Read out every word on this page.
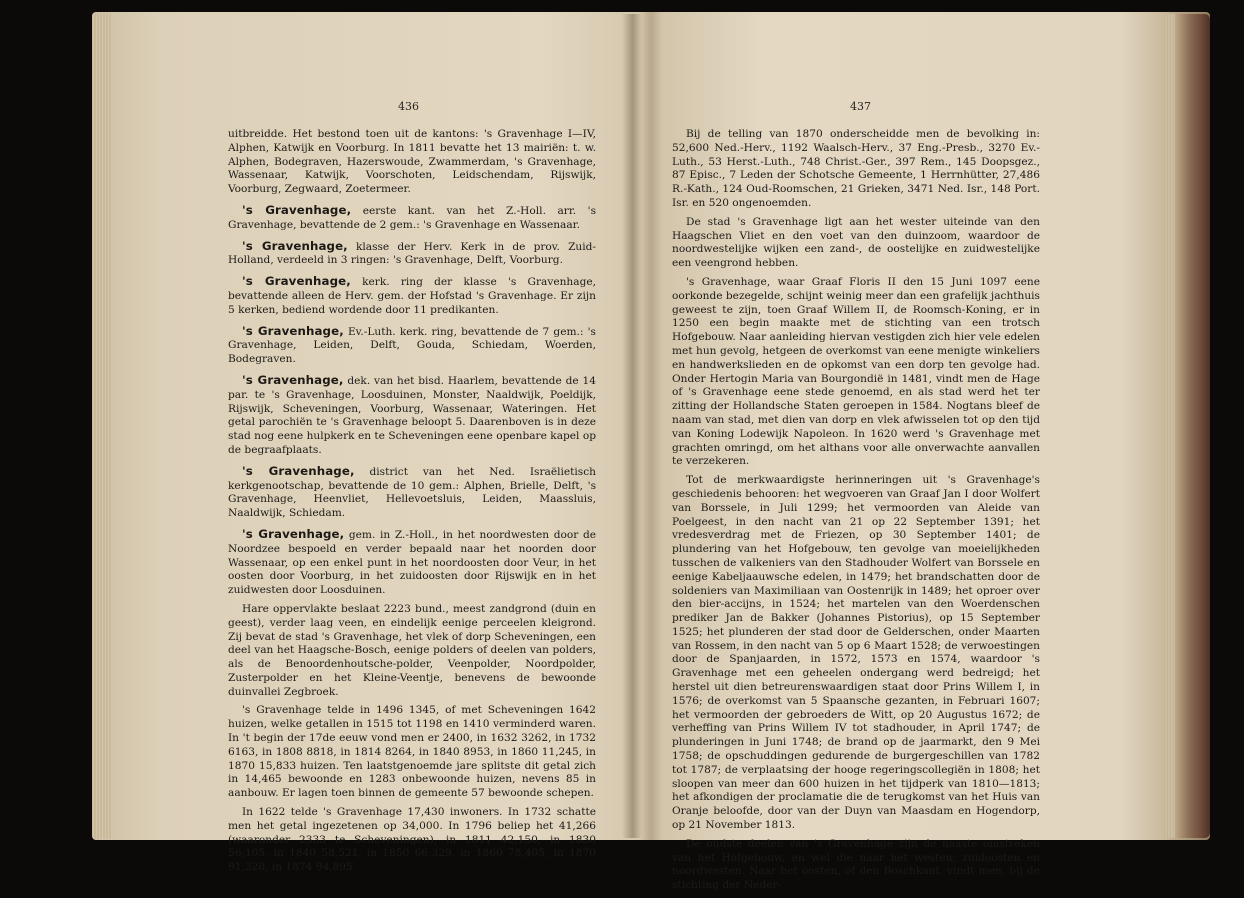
436	437

uitbreidde. Het bestond toen uit de kantons: 's Gravenhage I—IV, Alphen, Katwijk en Voorburg. In 1811 bevatte het 13 mairiën: t. w. Alphen, Bodegraven, Hazerswoude, Zwammerdam, 's Gravenhage, Wassenaar, Katwijk, Voorschoten, Leidschendam, Rijswijk, Voorburg, Zegwaard, Zoetermeer.

's Gravenhage, eerste kant. van het Z.-Holl. arr. 's Gravenhage, bevattende de 2 gem.: 's Gravenhage en Wassenaar.

's Gravenhage, klasse der Herv. Kerk in de prov. Zuid-Holland, verdeeld in 3 ringen: 's Gravenhage, Delft, Voorburg.

's Gravenhage, kerk. ring der klasse 's Gravenhage, bevattende alleen de Herv. gem. der Hofstad 's Gravenhage. Er zijn 5 kerken, bediend wordende door 11 predikanten.

's Gravenhage, Ev.-Luth. kerk. ring, bevattende de 7 gem.: 's Gravenhage, Leiden, Delft, Gouda, Schiedam, Woerden, Bodegraven.

's Gravenhage, dek. van het bisd. Haarlem, bevattende de 14 par. te 's Gravenhage, Loosduinen, Monster, Naaldwijk, Poeldijk, Rijswijk, Scheveningen, Voorburg, Wassenaar, Wateringen. Het getal parochiën te 's Gravenhage beloopt 5. Daarenboven is in deze stad nog eene hulpkerk en te Scheveningen eene openbare kapel op de begraafplaats.

's Gravenhage, district van het Ned. Israëlietisch kerkgenootschap, bevattende de 10 gem.: Alphen, Brielle, Delft, 's Gravenhage, Heenvliet, Hellevoetsluis, Leiden, Maassluis, Naaldwijk, Schiedam.

's Gravenhage, gem. in Z.-Holl., in het noordwesten door de Noordzee bespoeld en verder bepaald naar het noorden door Wassenaar, op een enkel punt in het noordoosten door Veur, in het oosten door Voorburg, in het zuidoosten door Rijswijk en in het zuidwesten door Loosduinen.

Hare oppervlakte beslaat 2223 bund., meest zandgrond (duin en geest), verder laag veen, en eindelijk eenige perceelen kleigrond. Zij bevat de stad 's Gravenhage, het vlek of dorp Scheveningen, een deel van het Haagsche-Bosch, eenige polders of deelen van polders, als de Benoordenhoutsche-polder, Veenpolder, Noordpolder, Zusterpolder en het Kleine-Veentje, benevens de bewoonde duinvallei Zegbroek.

's Gravenhage telde in 1496 1345, of met Scheveningen 1642 huizen, welke getallen in 1515 tot 1198 en 1410 verminderd waren. In 't begin der 17de eeuw vond men er 2400, in 1632 3262, in 1732 6163, in 1808 8818, in 1814 8264, in 1840 8953, in 1860 11,245, in 1870 15,833 huizen. Ten laatstgenoemde jare splitste dit getal zich in 14,465 bewoonde en 1283 onbewoonde huizen, nevens 85 in aanbouw. Er lagen toen binnen de gemeente 57 bewoonde schepen.

In 1622 telde 's Gravenhage 17,430 inwoners. In 1732 schatte men het getal ingezetenen op 34,000. In 1796 beliep het 41,266 (waaronder 2333 te Scheveningen), in 1811 42,150, in 1830 56,105, in 1840 58,521, in 1850 66,329, in 1860 78,405, in 1870 91,328, in 1874 94,895.

Bij de telling van 1870 onderscheidde men de bevolking in: 52,600 Ned.-Herv., 1192 Waalsch-Herv., 37 Eng.-Presb., 3270 Ev.-Luth., 53 Herst.-Luth., 748 Christ.-Ger., 397 Rem., 145 Doopsgez., 87 Episc., 7 Leden der Schotsche Gemeente, 1 Herrnhütter, 27,486 R.-Kath., 124 Oud-Roomschen, 21 Grieken, 3471 Ned. Isr., 148 Port. Isr. en 520 ongenoemden.

De stad 's Gravenhage ligt aan het wester uiteinde van den Haagschen Vliet en den voet van den duinzoom, waardoor de noordwestelijke wijken een zand-, de oostelijke en zuidwestelijke een veengrond hebben.

's Gravenhage, waar Graaf Floris II den 15 Juni 1097 eene oorkonde bezegelde, schijnt weinig meer dan een grafelijk jachthuis geweest te zijn, toen Graaf Willem II, de Roomsch-Koning, er in 1250 een begin maakte met de stichting van een trotsch Hofgebouw. Naar aanleiding hiervan vestigden zich hier vele edelen met hun gevolg, hetgeen de overkomst van eene menigte winkeliers en handwerkslieden en de opkomst van een dorp ten gevolge had. Onder Hertogin Maria van Bourgondië in 1481, vindt men de Hage of 's Gravenhage eene stede genoemd, en als stad werd het ter zitting der Hollandsche Staten geroepen in 1584. Nogtans bleef de naam van stad, met dien van dorp en vlek afwisselen tot op den tijd van Koning Lodewijk Napoleon. In 1620 werd 's Gravenhage met grachten omringd, om het althans voor alle onverwachte aanvallen te verzekeren.

Tot de merkwaardigste herinneringen uit 's Gravenhage's geschiedenis behooren: het wegvoeren van Graaf Jan I door Wolfert van Borssele, in Juli 1299; het vermoorden van Aleide van Poelgeest, in den nacht van 21 op 22 September 1391; het vredesverdrag met de Friezen, op 30 September 1401; de plundering van het Hofgebouw, ten gevolge van moeielijkheden tusschen de valkeniers van den Stadhouder Wolfert van Borssele en eenige Kabeljaauwsche edelen, in 1479; het brandschatten door de soldeniers van Maximiliaan van Oostenrijk in 1489; het oproer over den bier-accijns, in 1524; het martelen van den Woerdenschen prediker Jan de Bakker (Johannes Pistorius), op 15 September 1525; het plunderen der stad door de Gelderschen, onder Maarten van Rossem, in den nacht van 5 op 6 Maart 1528; de verwoestingen door de Spanjaarden, in 1572, 1573 en 1574, waardoor 's Gravenhage met een geheelen ondergang werd bedreigd; het herstel uit dien betreurenswaardigen staat door Prins Willem I, in 1576; de overkomst van 5 Spaansche gezanten, in Februari 1607; het vermoorden der gebroeders de Witt, op 20 Augustus 1672; de verheffing van Prins Willem IV tot stadhouder, in April 1747; de plunderingen in Juni 1748; de brand op de jaarmarkt, den 9 Mei 1758; de opschuddingen gedurende de burgergeschillen van 1782 tot 1787; de verplaatsing der hooge regeringscollegiën in 1808; het sloopen van meer dan 600 huizen in het tijdperk van 1810—1813; het afkondigen der proclamatie die de terugkomst van het Huis van Oranje beloofde, door van der Duyn van Maasdam en Hogendorp, op 21 November 1813.

De oudste deelen van 's Gravenhage zijn de naaste omstreken van het Hofgebouw, en wel die naar het westen, zuidoosten en noordwesten. Naar het oosten, of den Boschkant, vindt men, bij de stichting der Neder-
